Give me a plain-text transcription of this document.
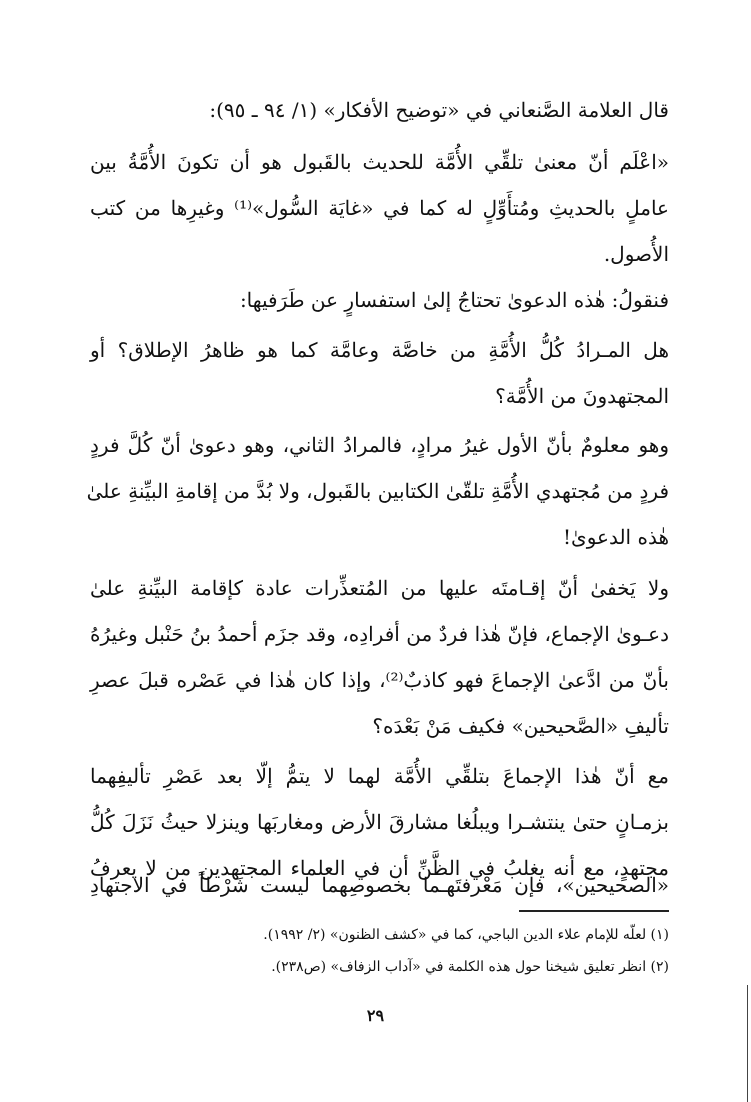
قال العلامة الصَّنعاني في «توضيح الأفكار» (١/ ٩٤ ـ ٩٥):
«اعْلَم أنّ معنىٰ تلقِّي الأُمَّة للحديث بالقَبول هو أن تكونَ الأُمَّةُ بين
عاملٍ بالحديثِ ومُتأَوِّلٍ له كما في «غايَة السُّول»⁽¹⁾ وغيرِها من كتب
الأُصول.
فنقولُ: هٰذه الدعوىٰ تحتاجُ إلىٰ استفسارٍ عن طَرَفيها:
هل المـرادُ كُلُّ الأُمَّةِ من خاصَّة وعامَّة كما هو ظاهرُ الإطلاق؟ أو
المجتهدونَ من الأُمَّة؟
وهو معلومٌ بأنّ الأول غيرُ مرادٍ، فالمرادُ الثاني، وهو دعوىٰ أنّ كُلَّ فردٍ
فردٍ من مُجتهدي الأُمَّةِ تلقّىٰ الكتابين بالقَبول، ولا بُدَّ من إقامةِ البيِّنةِ علىٰ
هٰذه الدعوىٰ!
ولا يَخفىٰ أنّ إقـامتَه عليها من المُتعذِّرات عادة كإقامة البيِّنةِ علىٰ
دعـوىٰ الإجماع، فإنّ هٰذا فردٌ من أفرادِه، وقد جزَم أحمدُ بنُ حَنْبل وغيرُهُ
بأنّ من ادَّعىٰ الإجماعَ فهو كاذبٌ⁽²⁾، وإذا كان هٰذا في عَصْره قبلَ عصرِ
تأليفِ «الصَّحيحين» فكيف مَنْ بَعْدَه؟
مع أنّ هٰذا الإجماعَ بتلقِّي الأُمَّة لهما لا يتمُّ إلّا بعد عَصْرِ تأليفِهما
بزمـانٍ حتىٰ ينتشـرا ويبلُغا مشارقَ الأرض ومغاربَها وينزلا حيثُ نَزَلَ كُلُّ
مجتهدٍ، مع أنه يغلبُ في الظَّنِّ أن في العلماء المجتهدين من لا يعرفُ
«الصحيحين»، فإن مَعْرفتَهـما بخصوصِهما ليست شَرْطاً في الاجتهادِ
(١) لعلّه للإمام علاء الدين الباجي، كما في «كشف الظنون» (٢/ ١٩٩٢).
(٢) انظر تعليق شيخنا حول هذه الكلمة في «آداب الزفاف» (ص٢٣٨).
٢٩
